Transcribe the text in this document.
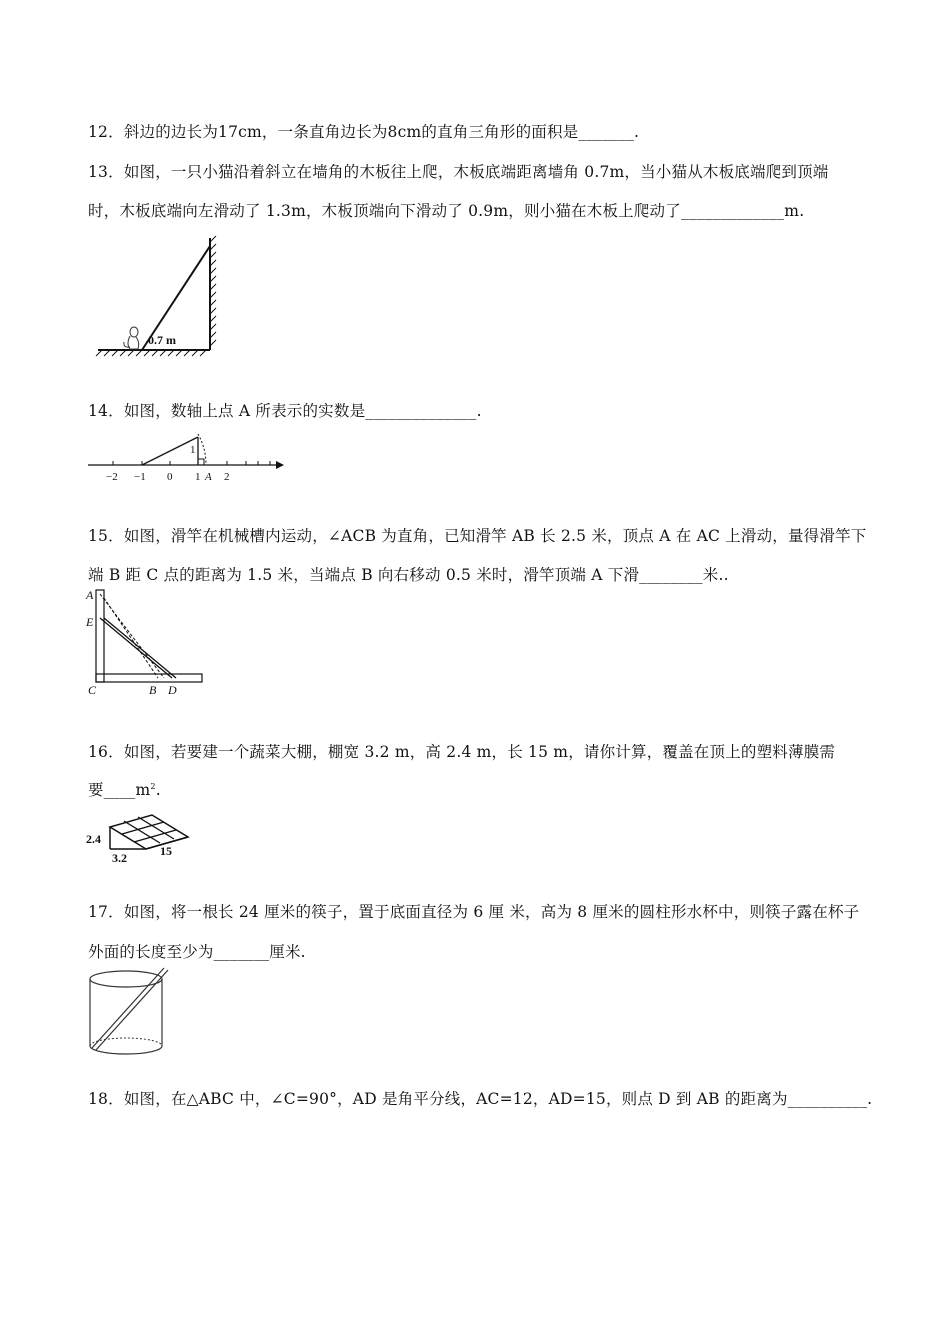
12．斜边的边长为17cm，一条直角边长为8cm的直角三角形的面积是_______.
13．如图，一只小猫沿着斜立在墙角的木板往上爬，木板底端距离墙角 0.7m，当小猫从木板底端爬到顶端
时，木板底端向左滑动了 1.3m，木板顶端向下滑动了 0.9m，则小猫在木板上爬动了_____________m.
0.7 m
14．如图，数轴上点 A 所表示的实数是______________.
1
−2 −1 0 1 A 2
15．如图，滑竿在机械槽内运动，∠ACB 为直角，已知滑竿 AB 长 2.5 米，顶点 A 在 AC 上滑动，量得滑竿下
端 B 距 C 点的距离为 1.5 米，当端点 B 向右移动 0.5 米时，滑竿顶端 A 下滑________米..
A
E
C	B D
16．如图，若要建一个蔬菜大棚，棚宽 3.2 m，高 2.4 m，长 15 m，请你计算，覆盖在顶上的塑料薄膜需
要$\_\_\_\_m^2$.
2.4
3.2	15
17．如图，将一根长 24 厘米的筷子，置于底面直径为 6 厘 米，高为 8 厘米的圆柱形水杯中，则筷子露在杯子
外面的长度至少为_______厘米.
18．如图，在△ABC 中，∠C=90°，AD 是角平分线，AC=12，AD=15，则点 D 到 AB 的距离为__________.
